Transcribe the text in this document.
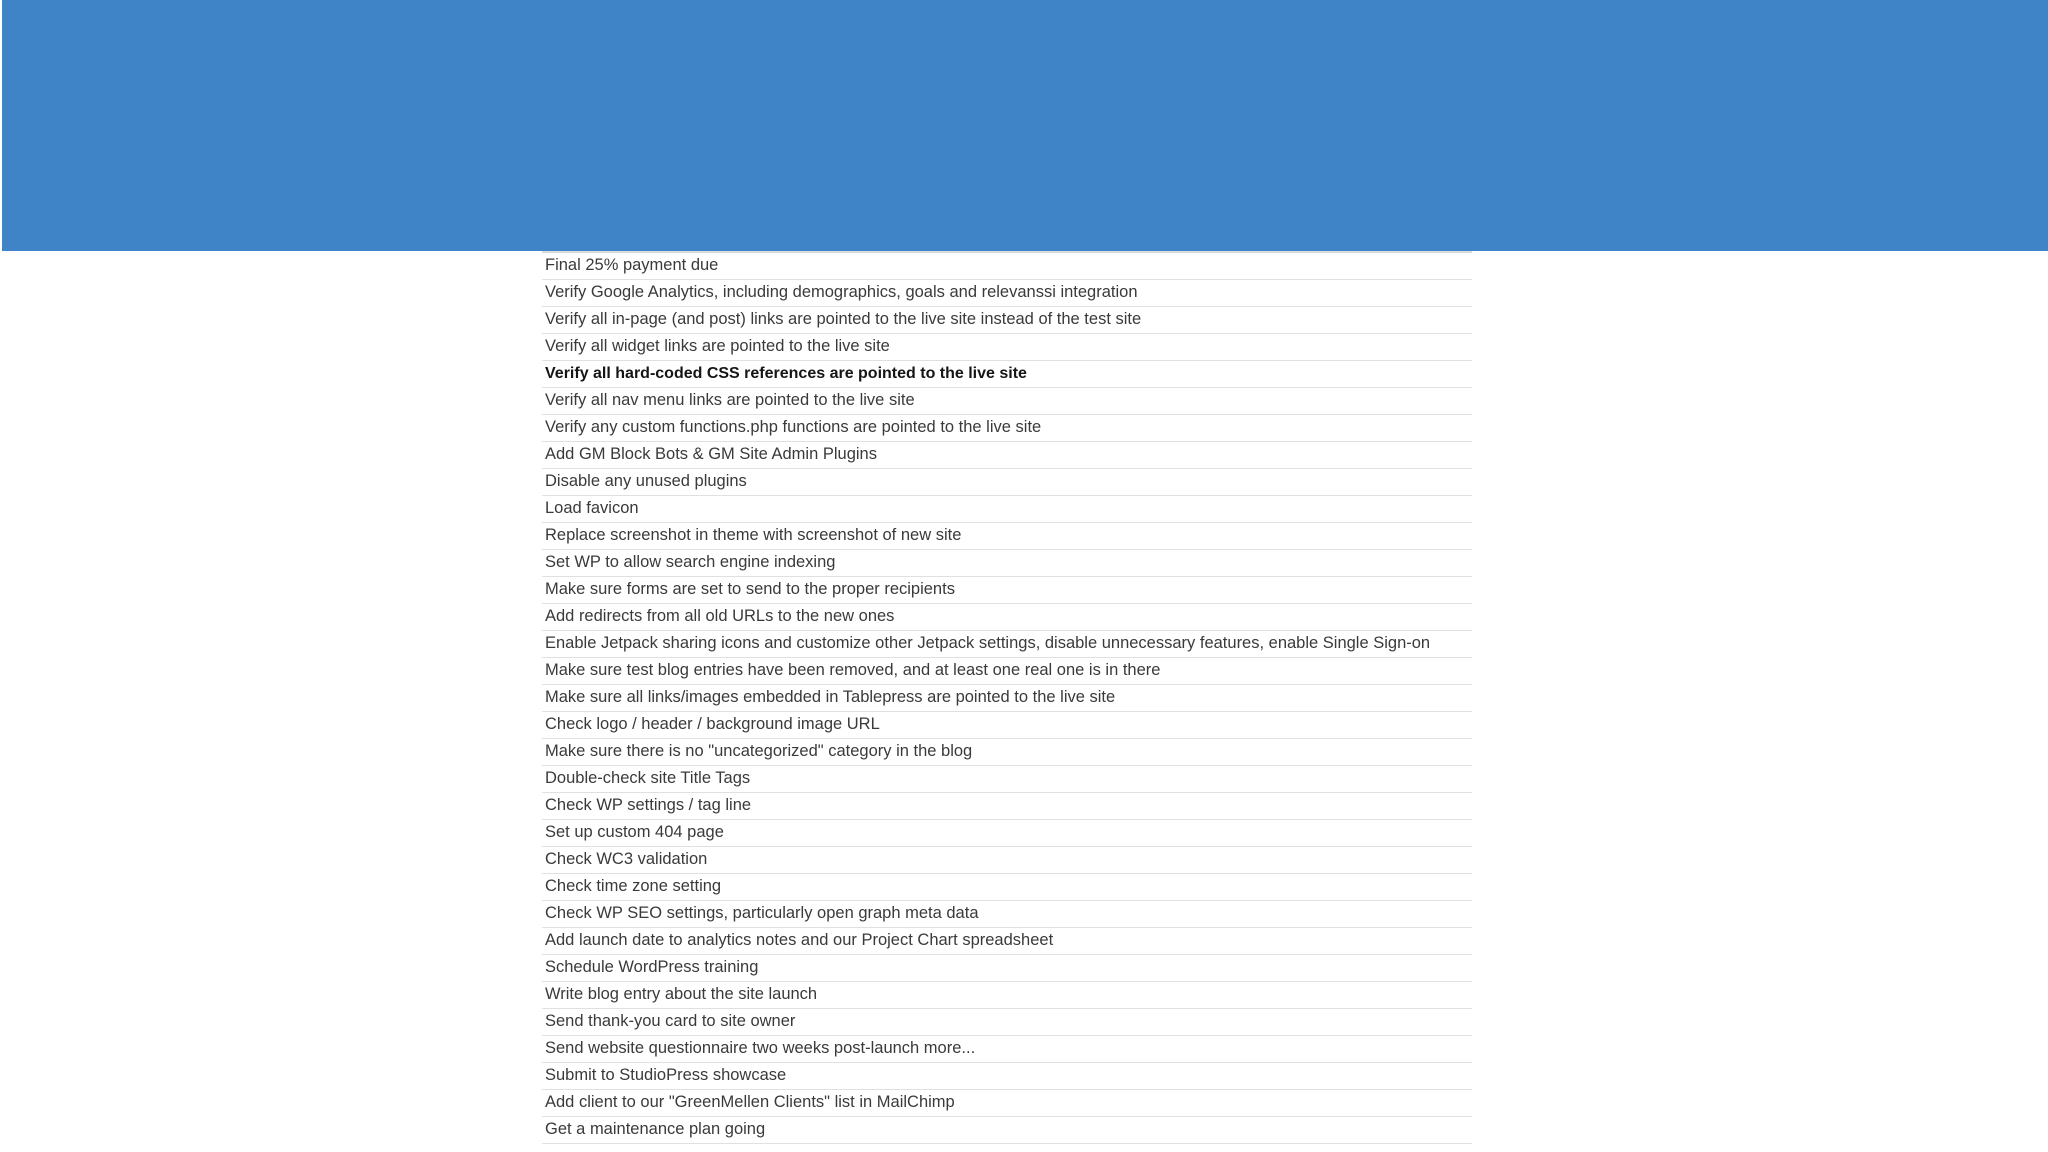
Final 25% payment due
Verify Google Analytics, including demographics, goals and relevanssi integration
Verify all in-page (and post) links are pointed to the live site instead of the test site
Verify all widget links are pointed to the live site
Verify all hard-coded CSS references are pointed to the live site
Verify all nav menu links are pointed to the live site
Verify any custom functions.php functions are pointed to the live site
Add GM Block Bots & GM Site Admin Plugins
Disable any unused plugins
Load favicon
Replace screenshot in theme with screenshot of new site
Set WP to allow search engine indexing
Make sure forms are set to send to the proper recipients
Add redirects from all old URLs to the new ones
Enable Jetpack sharing icons and customize other Jetpack settings, disable unnecessary features, enable Single Sign-on
Make sure test blog entries have been removed, and at least one real one is in there
Make sure all links/images embedded in Tablepress are pointed to the live site
Check logo / header / background image URL
Make sure there is no "uncategorized" category in the blog
Double-check site Title Tags
Check WP settings / tag line
Set up custom 404 page
Check WC3 validation
Check time zone setting
Check WP SEO settings, particularly open graph meta data
Add launch date to analytics notes and our Project Chart spreadsheet
Schedule WordPress training
Write blog entry about the site launch
Send thank-you card to site owner
Send website questionnaire two weeks post-launch more...
Submit to StudioPress showcase
Add client to our "GreenMellen Clients" list in MailChimp
Get a maintenance plan going
